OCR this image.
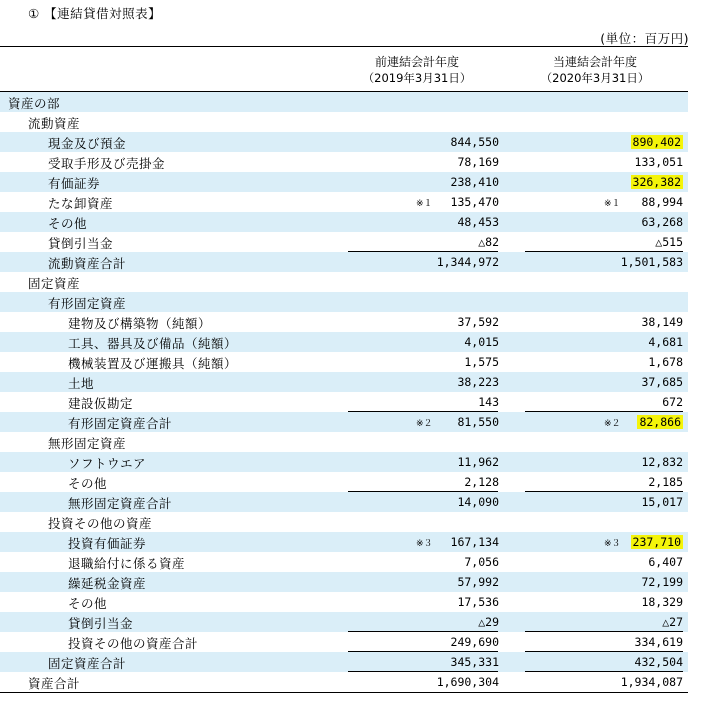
① 【連結貸借対照表】
(単位：百万円)
前連結会計年度
（2019年3月31日）
当連結会計年度
（2020年3月31日）
資産の部
流動資産
現金及び預金	844,550	890,402
受取手形及び売掛金	78,169	133,051
有価証券	238,410	326,382
たな卸資産	※１ 135,470	※１ 88,994
その他	48,453	63,268
貸倒引当金	△82	△515
流動資産合計	1,344,972	1,501,583
固定資産
有形固定資産
建物及び構築物（純額）	37,592	38,149
工具、器具及び備品（純額）	4,015	4,681
機械装置及び運搬具（純額）	1,575	1,678
土地	38,223	37,685
建設仮勘定	143	672
有形固定資産合計	※２ 81,550	※２ 82,866
無形固定資産
ソフトウエア	11,962	12,832
その他	2,128	2,185
無形固定資産合計	14,090	15,017
投資その他の資産
投資有価証券	※３ 167,134	※３ 237,710
退職給付に係る資産	7,056	6,407
繰延税金資産	57,992	72,199
その他	17,536	18,329
貸倒引当金	△29	△27
投資その他の資産合計	249,690	334,619
固定資産合計	345,331	432,504
資産合計	1,690,304	1,934,087
